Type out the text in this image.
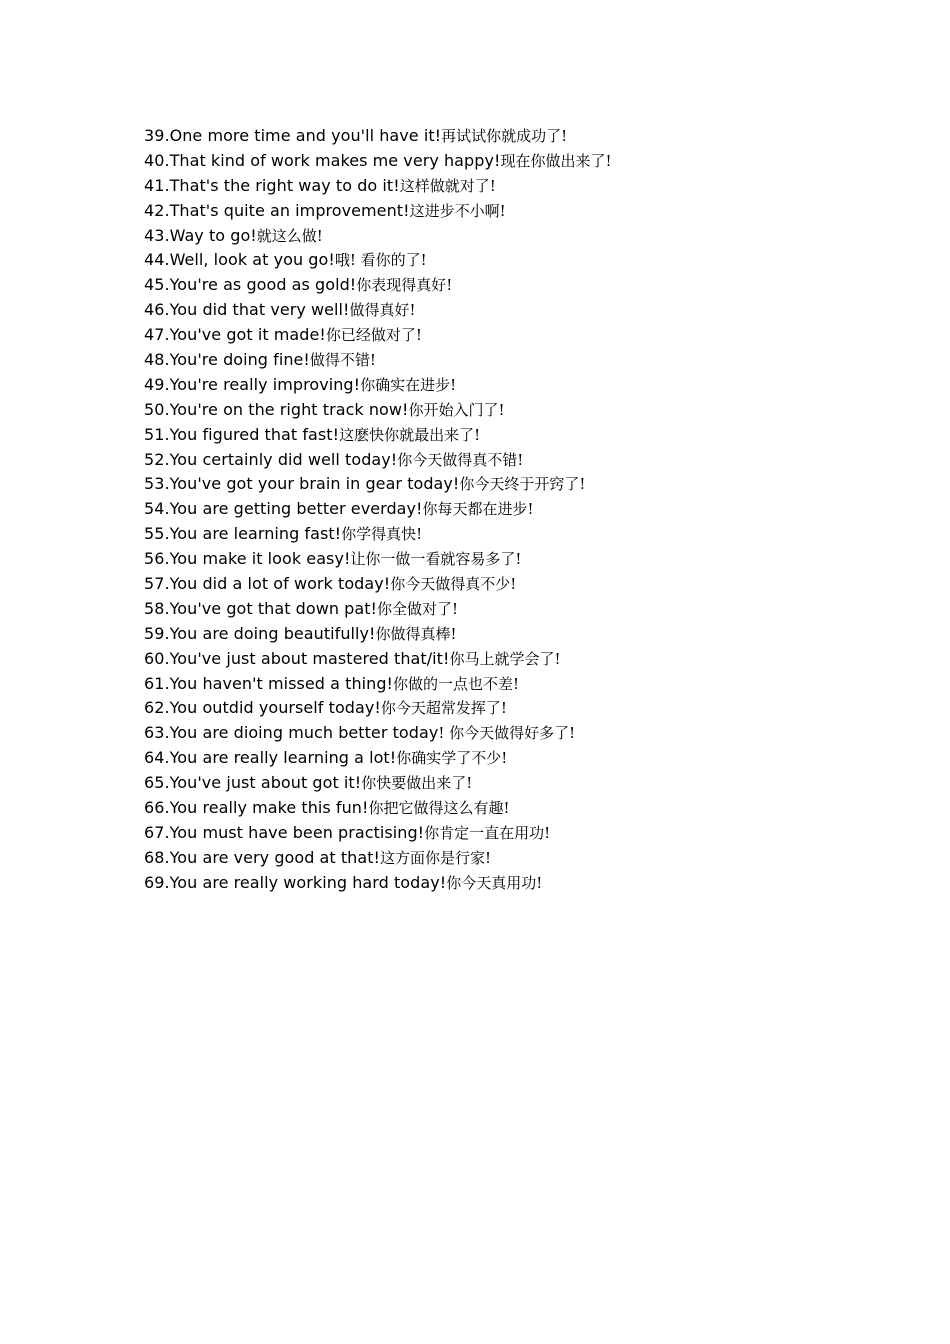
39.One more time and you'll have it!再试试你就成功了!
40.That kind of work makes me very happy!现在你做出来了!
41.That's the right way to do it!这样做就对了!
42.That's quite an improvement!这进步不小啊!
43.Way to go!就这么做!
44.Well, look at you go!哦! 看你的了!
45.You're as good as gold!你表现得真好!
46.You did that very well!做得真好!
47.You've got it made!你已经做对了!
48.You're doing fine!做得不错!
49.You're really improving!你确实在进步!
50.You're on the right track now!你开始入门了!
51.You figured that fast!这麽快你就最出来了!
52.You certainly did well today!你今天做得真不错!
53.You've got your brain in gear today!你今天终于开窍了!
54.You are getting better everday!你每天都在进步!
55.You are learning fast!你学得真快!
56.You make it look easy!让你一做一看就容易多了!
57.You did a lot of work today!你今天做得真不少!
58.You've got that down pat!你全做对了!
59.You are doing beautifully!你做得真棒!
60.You've just about mastered that/it!你马上就学会了!
61.You haven't missed a thing!你做的一点也不差!
62.You outdid yourself today!你今天超常发挥了!
63.You are dioing much better today! 你今天做得好多了!
64.You are really learning a lot!你确实学了不少!
65.You've just about got it!你快要做出来了!
66.You really make this fun!你把它做得这么有趣!
67.You must have been practising!你肯定一直在用功!
68.You are very good at that!这方面你是行家!
69.You are really working hard today!你今天真用功!
